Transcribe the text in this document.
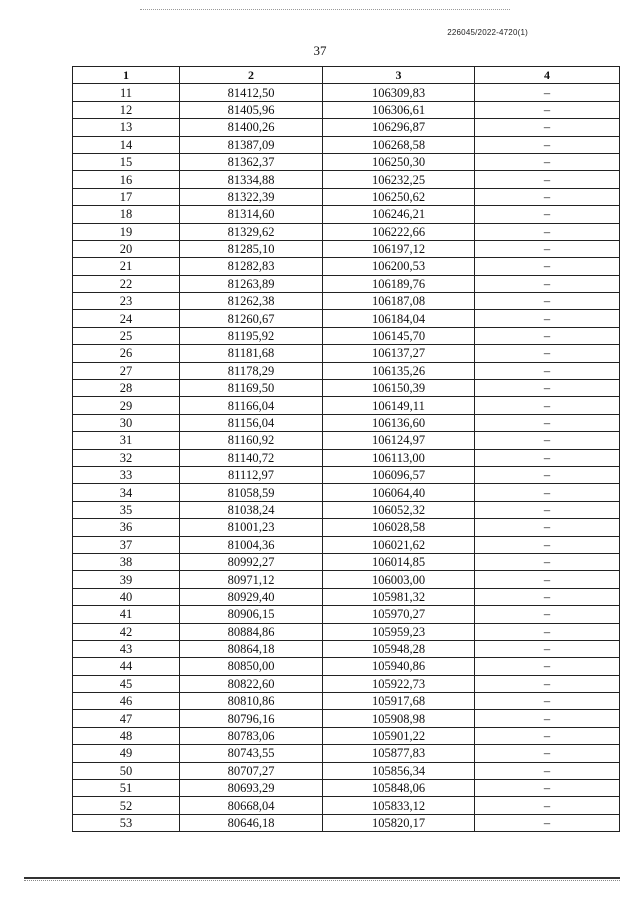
226045/2022-4720(1)
37
1	2	3	4
11	81412,50	106309,83	–
12	81405,96	106306,61	–
13	81400,26	106296,87	–
14	81387,09	106268,58	–
15	81362,37	106250,30	–
16	81334,88	106232,25	–
17	81322,39	106250,62	–
18	81314,60	106246,21	–
19	81329,62	106222,66	–
20	81285,10	106197,12	–
21	81282,83	106200,53	–
22	81263,89	106189,76	–
23	81262,38	106187,08	–
24	81260,67	106184,04	–
25	81195,92	106145,70	–
26	81181,68	106137,27	–
27	81178,29	106135,26	–
28	81169,50	106150,39	–
29	81166,04	106149,11	–
30	81156,04	106136,60	–
31	81160,92	106124,97	–
32	81140,72	106113,00	–
33	81112,97	106096,57	–
34	81058,59	106064,40	–
35	81038,24	106052,32	–
36	81001,23	106028,58	–
37	81004,36	106021,62	–
38	80992,27	106014,85	–
39	80971,12	106003,00	–
40	80929,40	105981,32	–
41	80906,15	105970,27	–
42	80884,86	105959,23	–
43	80864,18	105948,28	–
44	80850,00	105940,86	–
45	80822,60	105922,73	–
46	80810,86	105917,68	–
47	80796,16	105908,98	–
48	80783,06	105901,22	–
49	80743,55	105877,83	–
50	80707,27	105856,34	–
51	80693,29	105848,06	–
52	80668,04	105833,12	–
53	80646,18	105820,17	–
